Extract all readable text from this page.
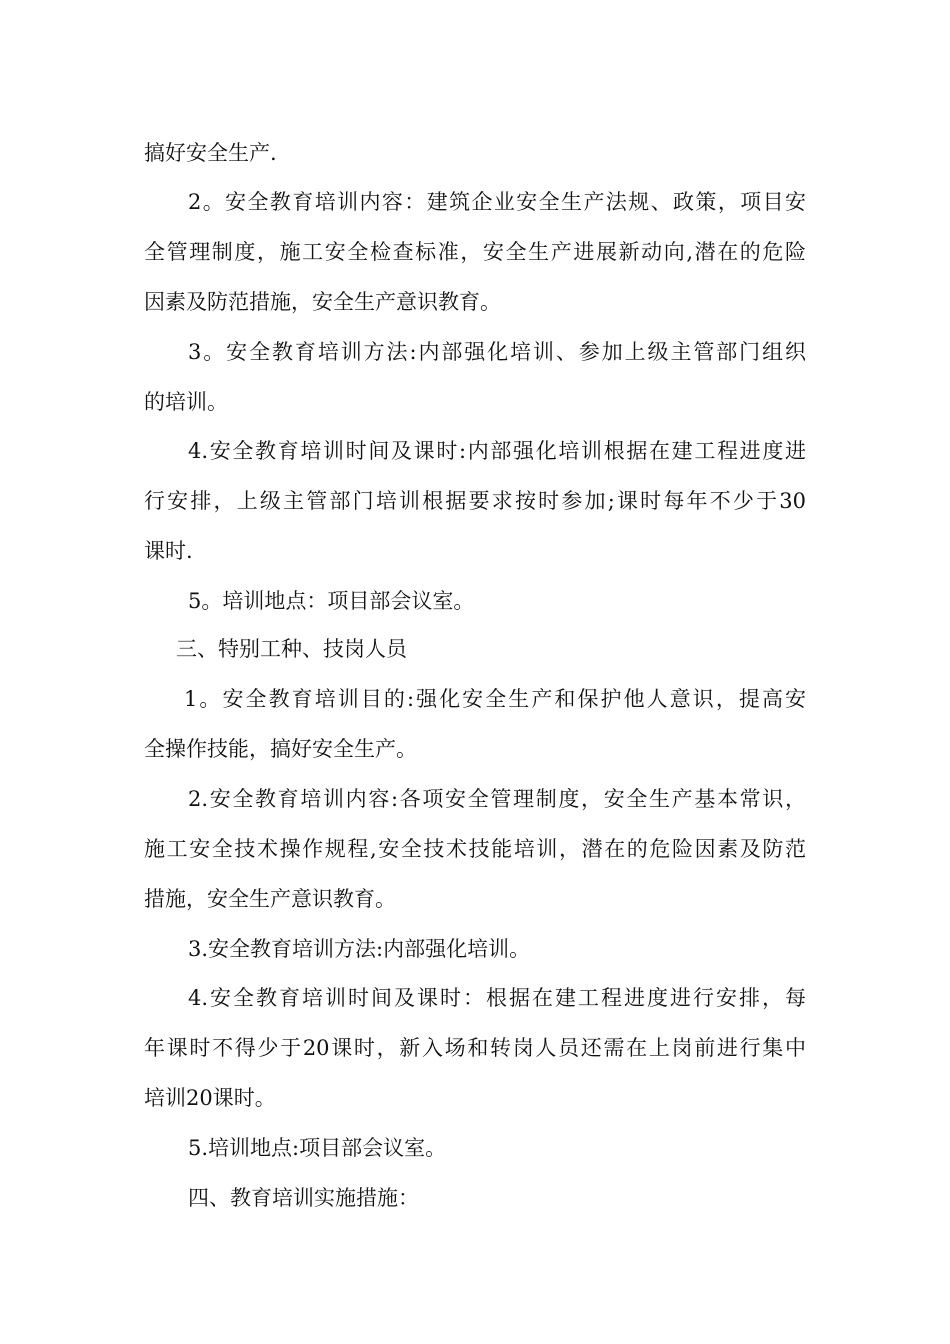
搞好安全生产.
2。安全教育培训内容：建筑企业安全生产法规、政策，项目安
全管理制度，施工安全检查标准，安全生产进展新动向,潜在的危险
因素及防范措施，安全生产意识教育。
3。安全教育培训方法:内部强化培训、参加上级主管部门组织
的培训。
4.安全教育培训时间及课时:内部强化培训根据在建工程进度进
行安排，上级主管部门培训根据要求按时参加;课时每年不少于30
课时.
5。培训地点：项目部会议室。
三、特别工种、技岗人员
1。安全教育培训目的:强化安全生产和保护他人意识，提高安
全操作技能，搞好安全生产。
2.安全教育培训内容:各项安全管理制度，安全生产基本常识，
施工安全技术操作规程,安全技术技能培训，潜在的危险因素及防范
措施，安全生产意识教育。
3.安全教育培训方法:内部强化培训。
4.安全教育培训时间及课时：根据在建工程进度进行安排，每
年课时不得少于20课时，新入场和转岗人员还需在上岗前进行集中
培训20课时。
5.培训地点:项目部会议室。
四、教育培训实施措施：
